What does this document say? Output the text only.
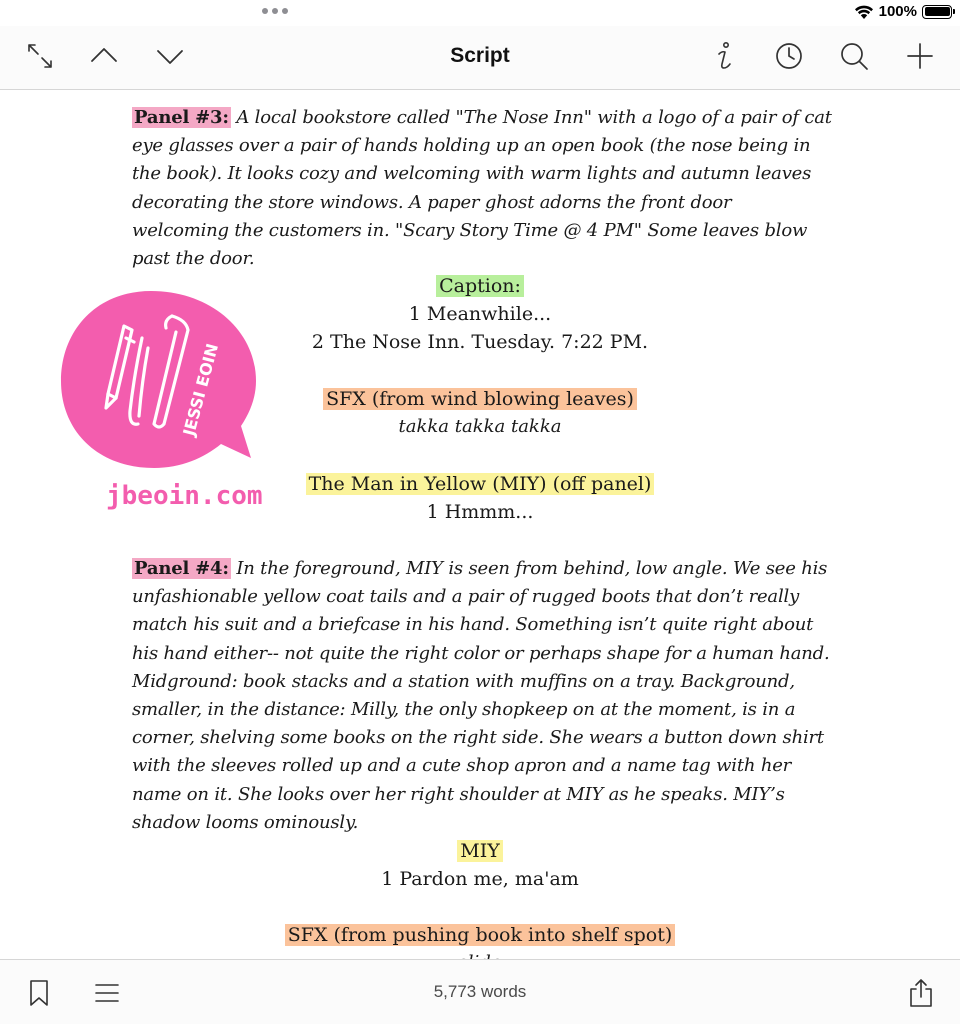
100%
Script
Panel #3: A local bookstore called "The Nose Inn" with a logo of a pair of cat eye glasses over a pair of hands holding up an open book (the nose being in the book). It looks cozy and welcoming with warm lights and autumn leaves decorating the store windows. A paper ghost adorns the front door welcoming the customers in. "Scary Story Time @ 4 PM" Some leaves blow past the door.
JESSI EOIN
jbeoin.com
Caption:
1 Meanwhile...
2 The Nose Inn. Tuesday. 7:22 PM.
SFX (from wind blowing leaves)
takka takka takka
The Man in Yellow (MIY) (off panel)
1 Hmmm...
Panel #4: In the foreground, MIY is seen from behind, low angle. We see his unfashionable yellow coat tails and a pair of rugged boots that don’t really match his suit and a briefcase in his hand. Something isn’t quite right about his hand either-- not quite the right color or perhaps shape for a human hand. Midground: book stacks and a station with muffins on a tray. Background, smaller, in the distance: Milly, the only shopkeep on at the moment, is in a corner, shelving some books on the right side. She wears a button down shirt with the sleeves rolled up and a cute shop apron and a name tag with her name on it. She looks over her right shoulder at MIY as he speaks. MIY’s shadow looms ominously.
MIY
1 Pardon me, ma'am
SFX (from pushing book into shelf spot)
5,773 words
